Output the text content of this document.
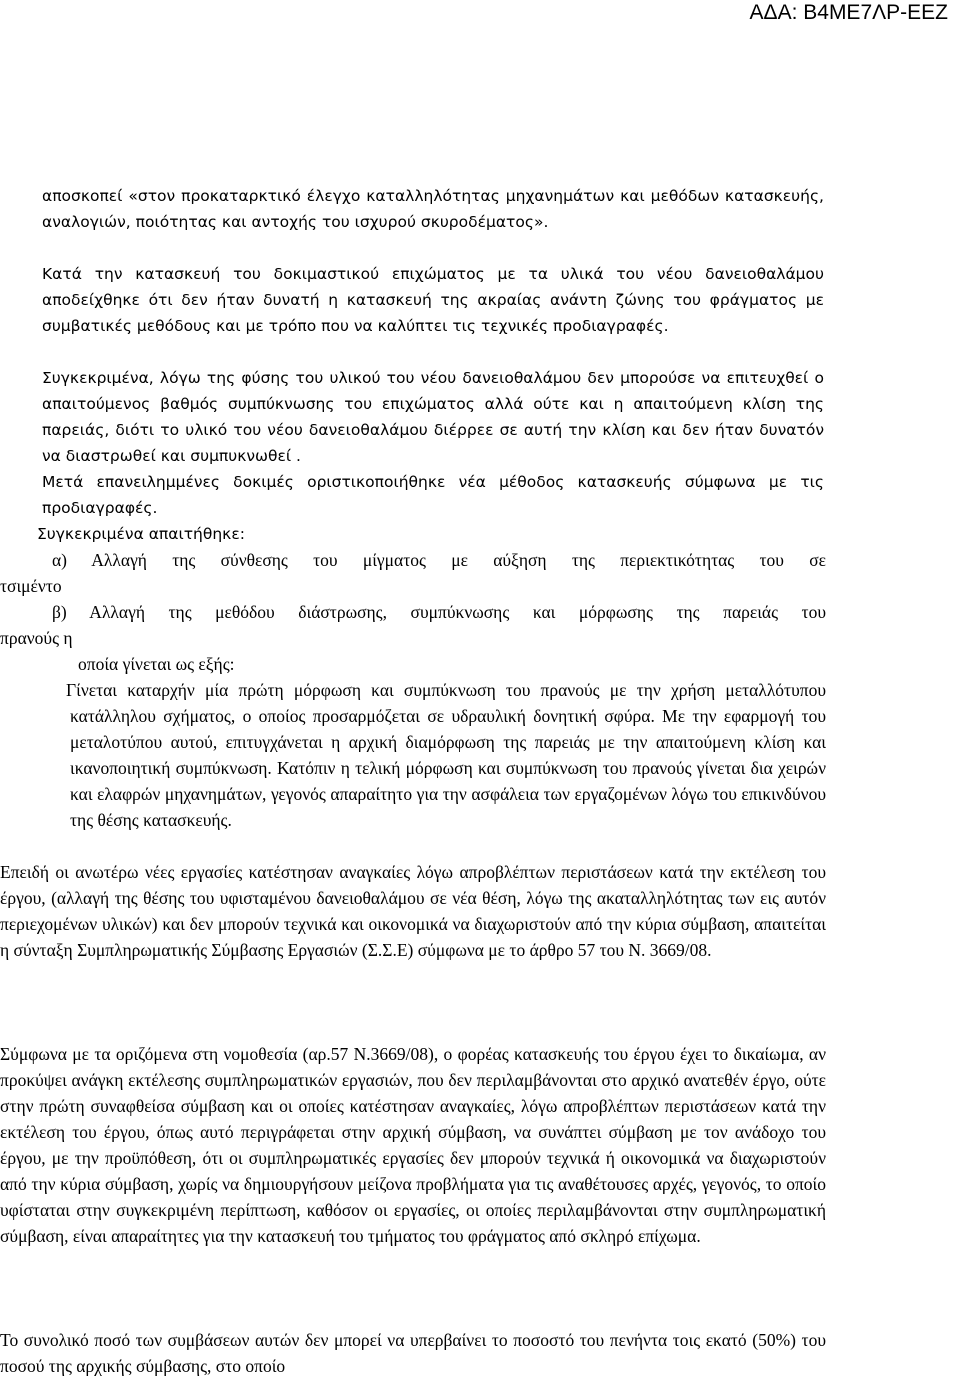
ΑΔΑ: Β4ΜΕ7ΛΡ-ΕΕΖ

αποσκοπεί «στον προκαταρκτικό έλεγχο καταλληλότητας μηχανημάτων και μεθόδων κατασκευής, αναλογιών, ποιότητας και αντοχής του ισχυρού σκυροδέματος».

Κατά την κατασκευή του δοκιμαστικού επιχώματος με τα υλικά του νέου δανειοθαλάμου αποδείχθηκε ότι δεν ήταν δυνατή η κατασκευή της ακραίας ανάντη ζώνης του φράγματος με συμβατικές μεθόδους και με τρόπο που να καλύπτει τις τεχνικές προδιαγραφές.

Συγκεκριμένα, λόγω της φύσης του υλικού του νέου δανειοθαλάμου δεν μπορούσε να επιτευχθεί ο απαιτούμενος βαθμός συμπύκνωσης του επιχώματος αλλά ούτε και η απαιτούμενη κλίση της παρειάς, διότι το υλικό του νέου δανειοθαλάμου διέρρεε σε αυτή την κλίση και δεν ήταν δυνατόν να διαστρωθεί και συμπυκνωθεί .

Μετά επανειλημμένες δοκιμές οριστικοποιήθηκε νέα μέθοδος κατασκευής σύμφωνα με τις προδιαγραφές.

Συγκεκριμένα απαιτήθηκε:

α) Αλλαγή της σύνθεσης του μίγματος με αύξηση της περιεκτικότητας του σε
τσιμέντο
β) Αλλαγή της μεθόδου διάστρωσης, συμπύκνωσης και μόρφωσης της παρειάς του
πρανούς η
οποία γίνεται ως εξής:

Γίνεται καταρχήν μία πρώτη μόρφωση και συμπύκνωση του πρανούς με την χρήση μεταλλότυπου κατάλληλου σχήματος, ο οποίος προσαρμόζεται σε υδραυλική δονητική σφύρα. Με την εφαρμογή του μεταλοτύπου αυτού, επιτυγχάνεται η αρχική διαμόρφωση της παρειάς με την απαιτούμενη κλίση και ικανοποιητική συμπύκνωση. Κατόπιν η τελική μόρφωση και συμπύκνωση του πρανούς γίνεται δια χειρών και ελαφρών μηχανημάτων, γεγονός απαραίτητο για την ασφάλεια των εργαζομένων λόγω του επικινδύνου της θέσης κατασκευής.

Επειδή οι ανωτέρω νέες εργασίες κατέστησαν αναγκαίες λόγω απροβλέπτων περιστάσεων κατά την εκτέλεση του έργου, (αλλαγή της θέσης του υφισταμένου δανειοθαλάμου σε νέα θέση, λόγω της ακαταλληλότητας των εις αυτόν περιεχομένων υλικών) και δεν μπορούν τεχνικά και οικονομικά να διαχωριστούν από την κύρια σύμβαση, απαιτείται η σύνταξη Συμπληρωματικής Σύμβασης Εργασιών (Σ.Σ.Ε) σύμφωνα με το άρθρο 57 του Ν. 3669/08.

Σύμφωνα με τα οριζόμενα στη νομοθεσία (αρ.57 Ν.3669/08), ο φορέας κατασκευής του έργου έχει το δικαίωμα, αν προκύψει ανάγκη εκτέλεσης συμπληρωματικών εργασιών, που δεν περιλαμβάνονται στο αρχικό ανατεθέν έργο, ούτε στην πρώτη συναφθείσα σύμβαση και οι οποίες κατέστησαν αναγκαίες, λόγω απροβλέπτων περιστάσεων κατά την εκτέλεση του έργου, όπως αυτό περιγράφεται στην αρχική σύμβαση, να συνάπτει σύμβαση με τον ανάδοχο του έργου, με την προϋπόθεση, ότι οι συμπληρωματικές εργασίες δεν μπορούν τεχνικά ή οικονομικά να διαχωριστούν από την κύρια σύμβαση, χωρίς να δημιουργήσουν μείζονα προβλήματα για τις αναθέτουσες αρχές, γεγονός, το οποίο υφίσταται στην συγκεκριμένη περίπτωση, καθόσον οι εργασίες, οι οποίες περιλαμβάνονται στην συμπληρωματική σύμβαση, είναι απαραίτητες για την κατασκευή του τμήματος του φράγματος από σκληρό επίχωμα.

Το συνολικό ποσό των συμβάσεων αυτών δεν μπορεί να υπερβαίνει το ποσοστό του πενήντα τοις εκατό (50%) του ποσού της αρχικής σύμβασης, στο οποίο
